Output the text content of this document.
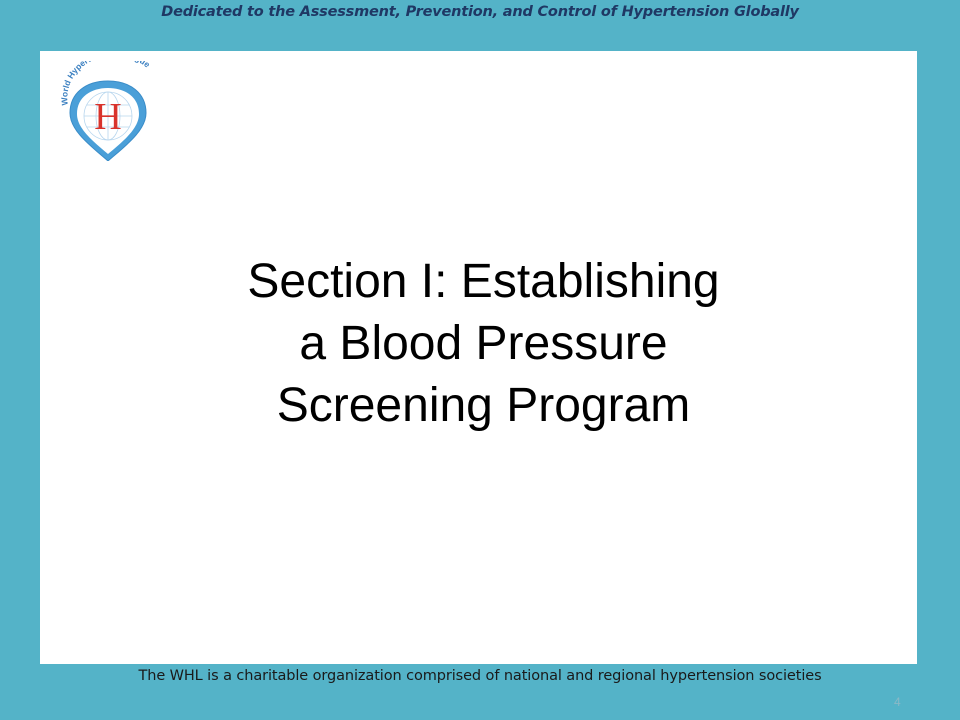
Dedicated to the Assessment, Prevention, and Control of Hypertension Globally
World Hype ue
H
Section I: Establishing
a Blood Pressure
Screening Program
The WHL is a charitable organization comprised of national and regional hypertension societies
4
